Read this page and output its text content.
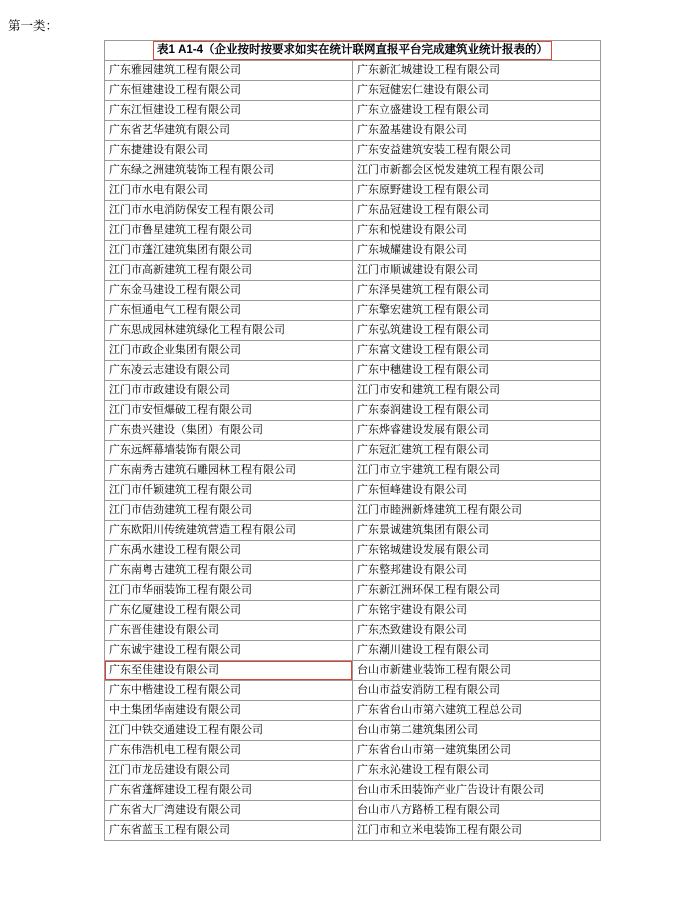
第一类：
表1 A1-4（企业按时按要求如实在统计联网直报平台完成建筑业统计报表的）	

广东雅园建筑工程有限公司	广东新汇城建设工程有限公司

广东恒建建设工程有限公司	广东冠健宏仁建设有限公司

广东江恒建设工程有限公司	广东立盛建设工程有限公司

广东省艺华建筑有限公司	广东盈基建设有限公司

广东捷建设有限公司	广东安益建筑安装工程有限公司

广东绿之洲建筑装饰工程有限公司	江门市新都会区悦发建筑工程有限公司

江门市水电有限公司	广东原野建设工程有限公司

江门市水电消防保安工程有限公司	广东品冠建设工程有限公司

江门市鲁星建筑工程有限公司	广东和悦建设有限公司

江门市蓬江建筑集团有限公司	广东城耀建设有限公司

江门市高新建筑工程有限公司	江门市顺诚建设有限公司

广东金马建设工程有限公司	广东泽昊建筑工程有限公司

广东恒通电气工程有限公司	广东擎宏建筑工程有限公司

广东思成园林建筑绿化工程有限公司	广东弘筑建设工程有限公司

江门市政企业集团有限公司	广东富文建设工程有限公司

广东凌云志建设有限公司	广东中穗建设工程有限公司

江门市市政建设有限公司	江门市安和建筑工程有限公司

江门市安恒爆破工程有限公司	广东泰润建设工程有限公司

广东贵兴建设（集团）有限公司	广东烨睿建设发展有限公司

广东远辉幕墙装饰有限公司	广东冠汇建筑工程有限公司

广东南秀古建筑石雕园林工程有限公司	江门市立宇建筑工程有限公司

江门市仟颖建筑工程有限公司	广东恒峰建设有限公司

江门市佶劲建筑工程有限公司	江门市睦洲新烽建筑工程有限公司

广东欧阳川传统建筑营造工程有限公司	广东景诚建筑集团有限公司

广东禹水建设工程有限公司	广东铭城建设发展有限公司

广东南粤古建筑工程有限公司	广东整邦建设有限公司

江门市华丽装饰工程有限公司	广东新江洲环保工程有限公司

广东亿厦建设工程有限公司	广东铭宇建设有限公司

广东晋佳建设有限公司	广东杰致建设有限公司

广东诚宇建设工程有限公司	广东潮川建设工程有限公司

广东至佳建设有限公司	台山市新建业装饰工程有限公司

广东中楷建设工程有限公司	台山市益安消防工程有限公司

中土集团华南建设有限公司	广东省台山市第六建筑工程总公司

江门中铁交通建设工程有限公司	台山市第二建筑集团公司

广东伟浩机电工程有限公司	广东省台山市第一建筑集团公司

江门市龙岳建设有限公司	广东永沁建设工程有限公司

广东省蓬辉建设工程有限公司	台山市禾田装饰产业广告设计有限公司

广东省大厂湾建设有限公司	台山市八方路桥工程有限公司

广东省蓝玉工程有限公司	江门市和立米电装饰工程有限公司
